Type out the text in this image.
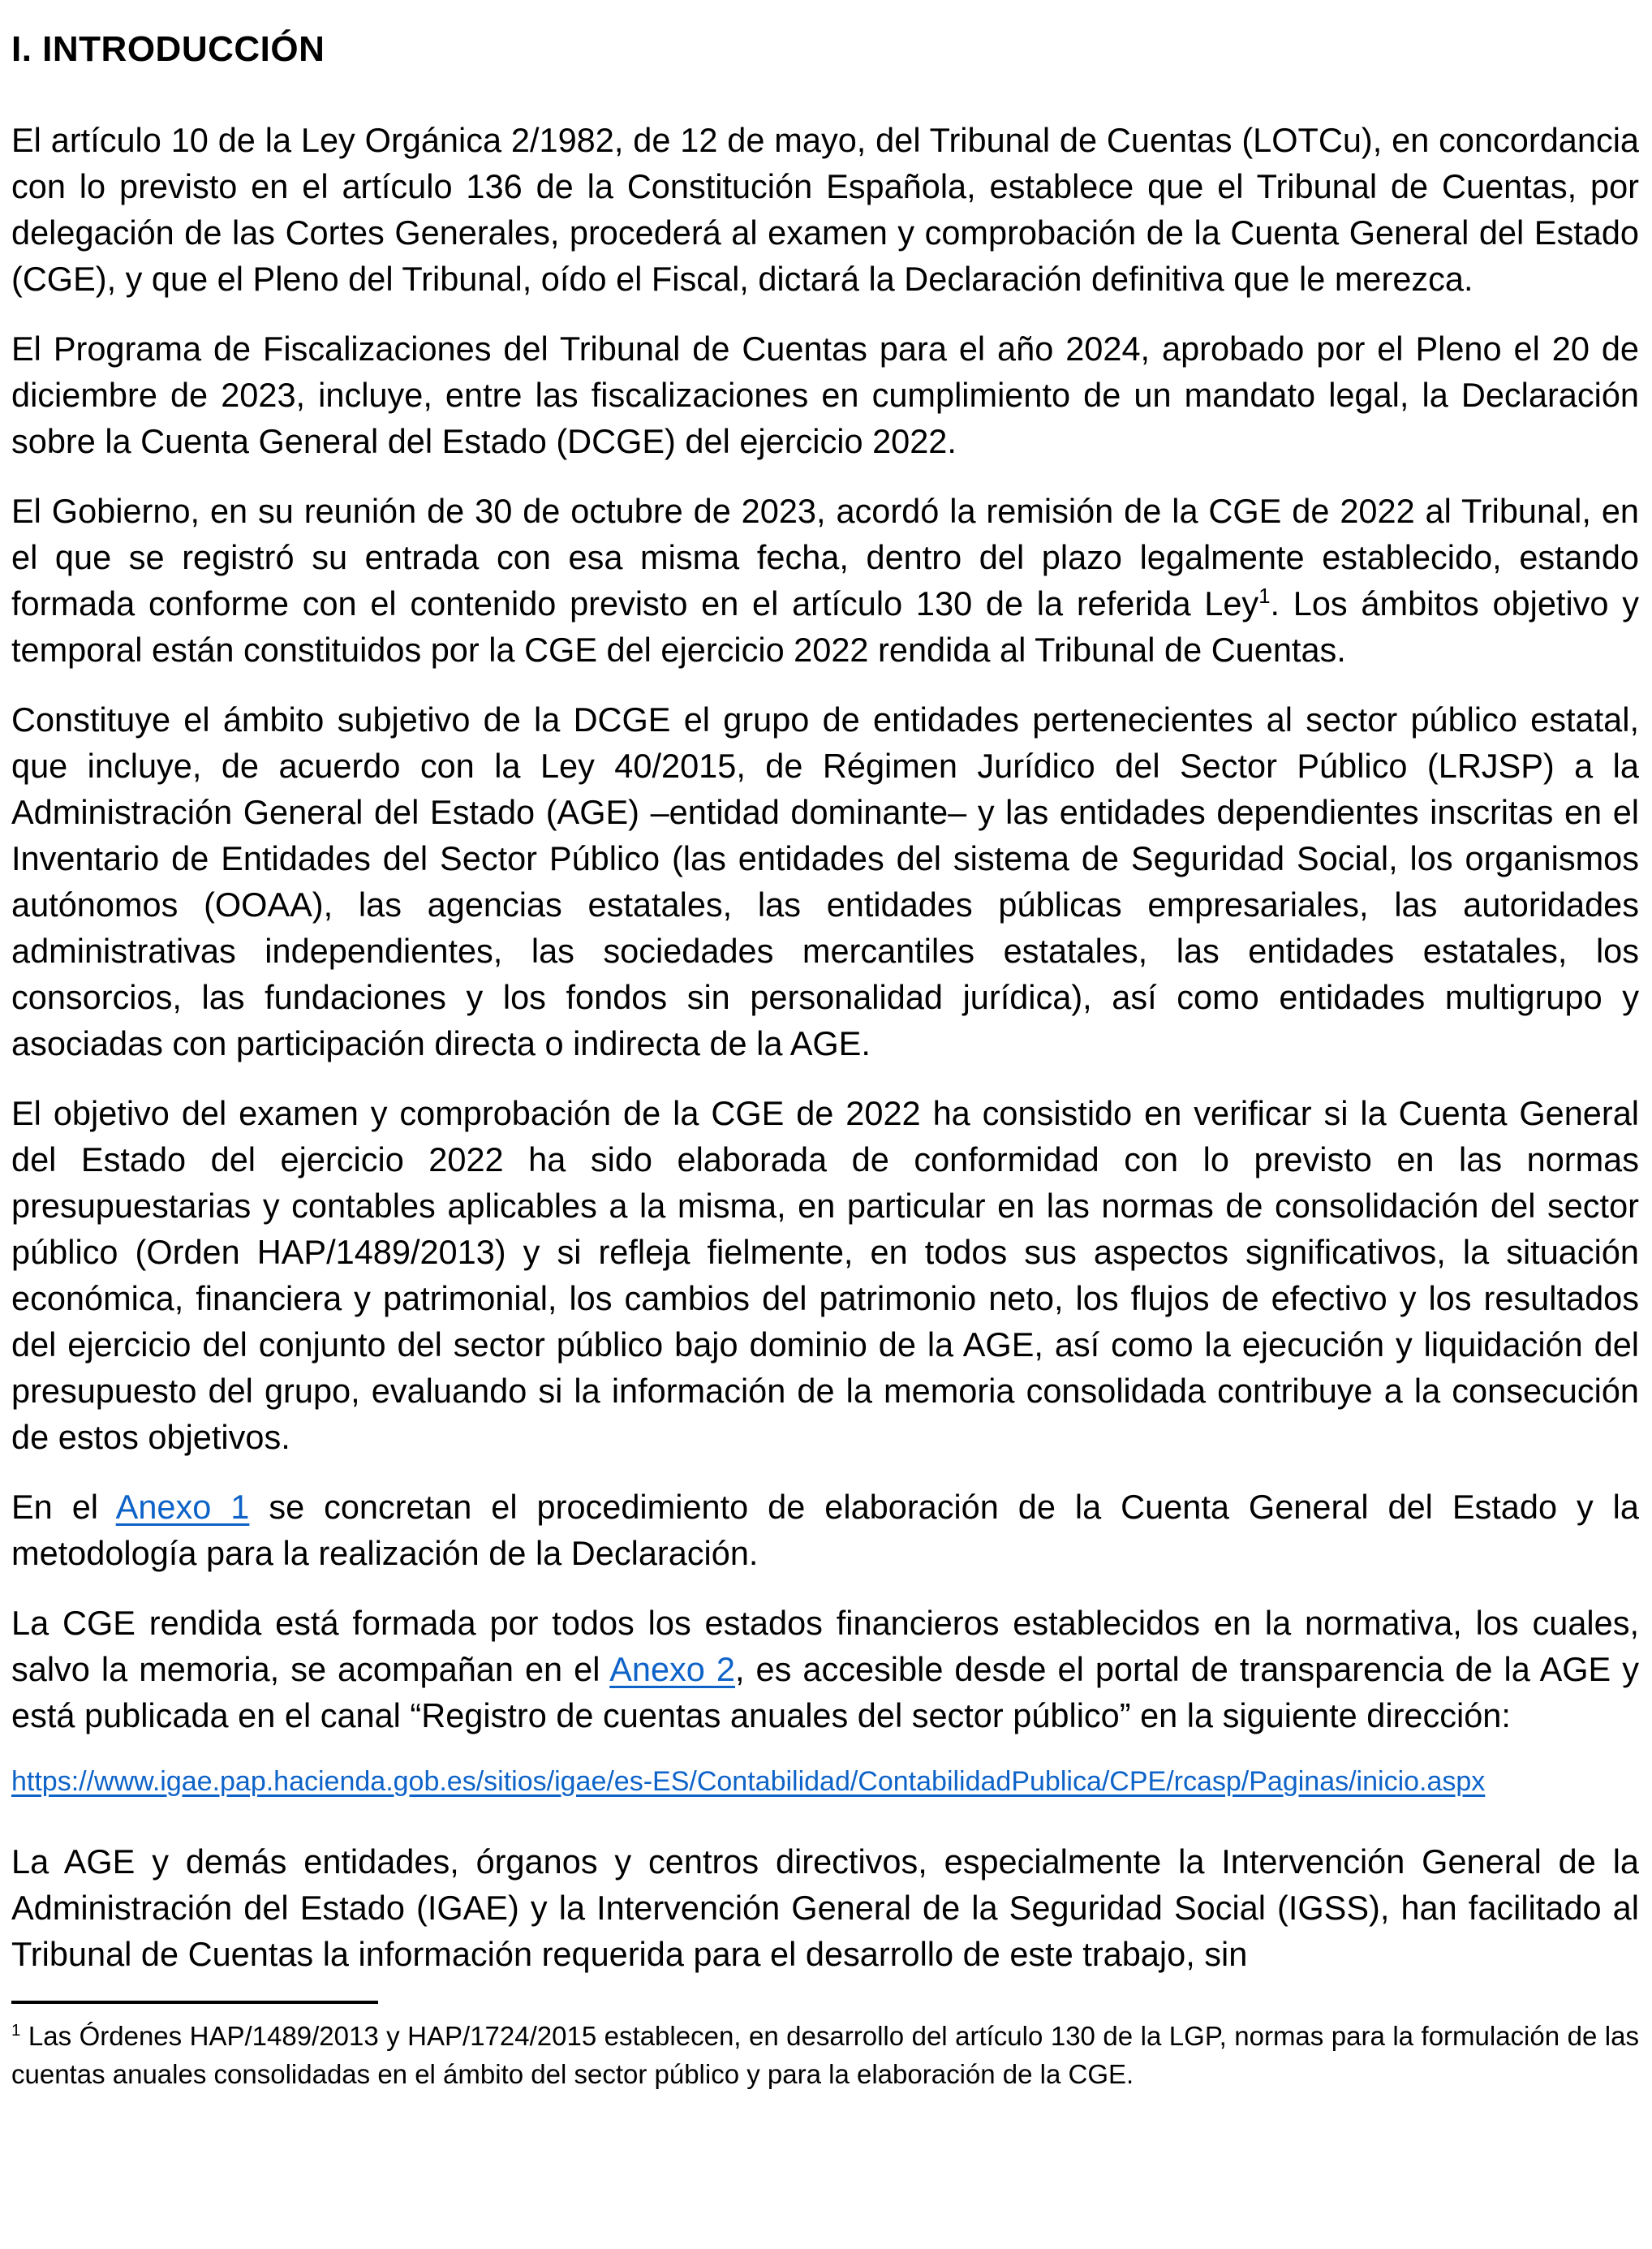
I. INTRODUCCIÓN

El artículo 10 de la Ley Orgánica 2/1982, de 12 de mayo, del Tribunal de Cuentas (LOTCu), en concordancia con lo previsto en el artículo 136 de la Constitución Española, establece que el Tribunal de Cuentas, por delegación de las Cortes Generales, procederá al examen y comprobación de la Cuenta General del Estado (CGE), y que el Pleno del Tribunal, oído el Fiscal, dictará la Declaración definitiva que le merezca.

El Programa de Fiscalizaciones del Tribunal de Cuentas para el año 2024, aprobado por el Pleno el 20 de diciembre de 2023, incluye, entre las fiscalizaciones en cumplimiento de un mandato legal, la Declaración sobre la Cuenta General del Estado (DCGE) del ejercicio 2022.

El Gobierno, en su reunión de 30 de octubre de 2023, acordó la remisión de la CGE de 2022 al Tribunal, en el que se registró su entrada con esa misma fecha, dentro del plazo legalmente establecido, estando formada conforme con el contenido previsto en el artículo 130 de la referida Ley$^1$. Los ámbitos objetivo y temporal están constituidos por la CGE del ejercicio 2022 rendida al Tribunal de Cuentas.

Constituye el ámbito subjetivo de la DCGE el grupo de entidades pertenecientes al sector público estatal, que incluye, de acuerdo con la Ley 40/2015, de Régimen Jurídico del Sector Público (LRJSP) a la Administración General del Estado (AGE) –entidad dominante– y las entidades dependientes inscritas en el Inventario de Entidades del Sector Público (las entidades del sistema de Seguridad Social, los organismos autónomos (OOAA), las agencias estatales, las entidades públicas empresariales, las autoridades administrativas independientes, las sociedades mercantiles estatales, las entidades estatales, los consorcios, las fundaciones y los fondos sin personalidad jurídica), así como entidades multigrupo y asociadas con participación directa o indirecta de la AGE.

El objetivo del examen y comprobación de la CGE de 2022 ha consistido en verificar si la Cuenta General del Estado del ejercicio 2022 ha sido elaborada de conformidad con lo previsto en las normas presupuestarias y contables aplicables a la misma, en particular en las normas de consolidación del sector público (Orden HAP/1489/2013) y si refleja fielmente, en todos sus aspectos significativos, la situación económica, financiera y patrimonial, los cambios del patrimonio neto, los flujos de efectivo y los resultados del ejercicio del conjunto del sector público bajo dominio de la AGE, así como la ejecución y liquidación del presupuesto del grupo, evaluando si la información de la memoria consolidada contribuye a la consecución de estos objetivos.

En el Anexo 1 se concretan el procedimiento de elaboración de la Cuenta General del Estado y la metodología para la realización de la Declaración.

La CGE rendida está formada por todos los estados financieros establecidos en la normativa, los cuales, salvo la memoria, se acompañan en el Anexo 2, es accesible desde el portal de transparencia de la AGE y está publicada en el canal “Registro de cuentas anuales del sector público” en la siguiente dirección:

https://www.igae.pap.hacienda.gob.es/sitios/igae/es-ES/Contabilidad/ContabilidadPublica/CPE/rcasp/Paginas/inicio.aspx

La AGE y demás entidades, órganos y centros directivos, especialmente la Intervención General de la Administración del Estado (IGAE) y la Intervención General de la Seguridad Social (IGSS), han facilitado al Tribunal de Cuentas la información requerida para el desarrollo de este trabajo, sin

$^1$ Las Órdenes HAP/1489/2013 y HAP/1724/2015 establecen, en desarrollo del artículo 130 de la LGP, normas para la formulación de las cuentas anuales consolidadas en el ámbito del sector público y para la elaboración de la CGE.
